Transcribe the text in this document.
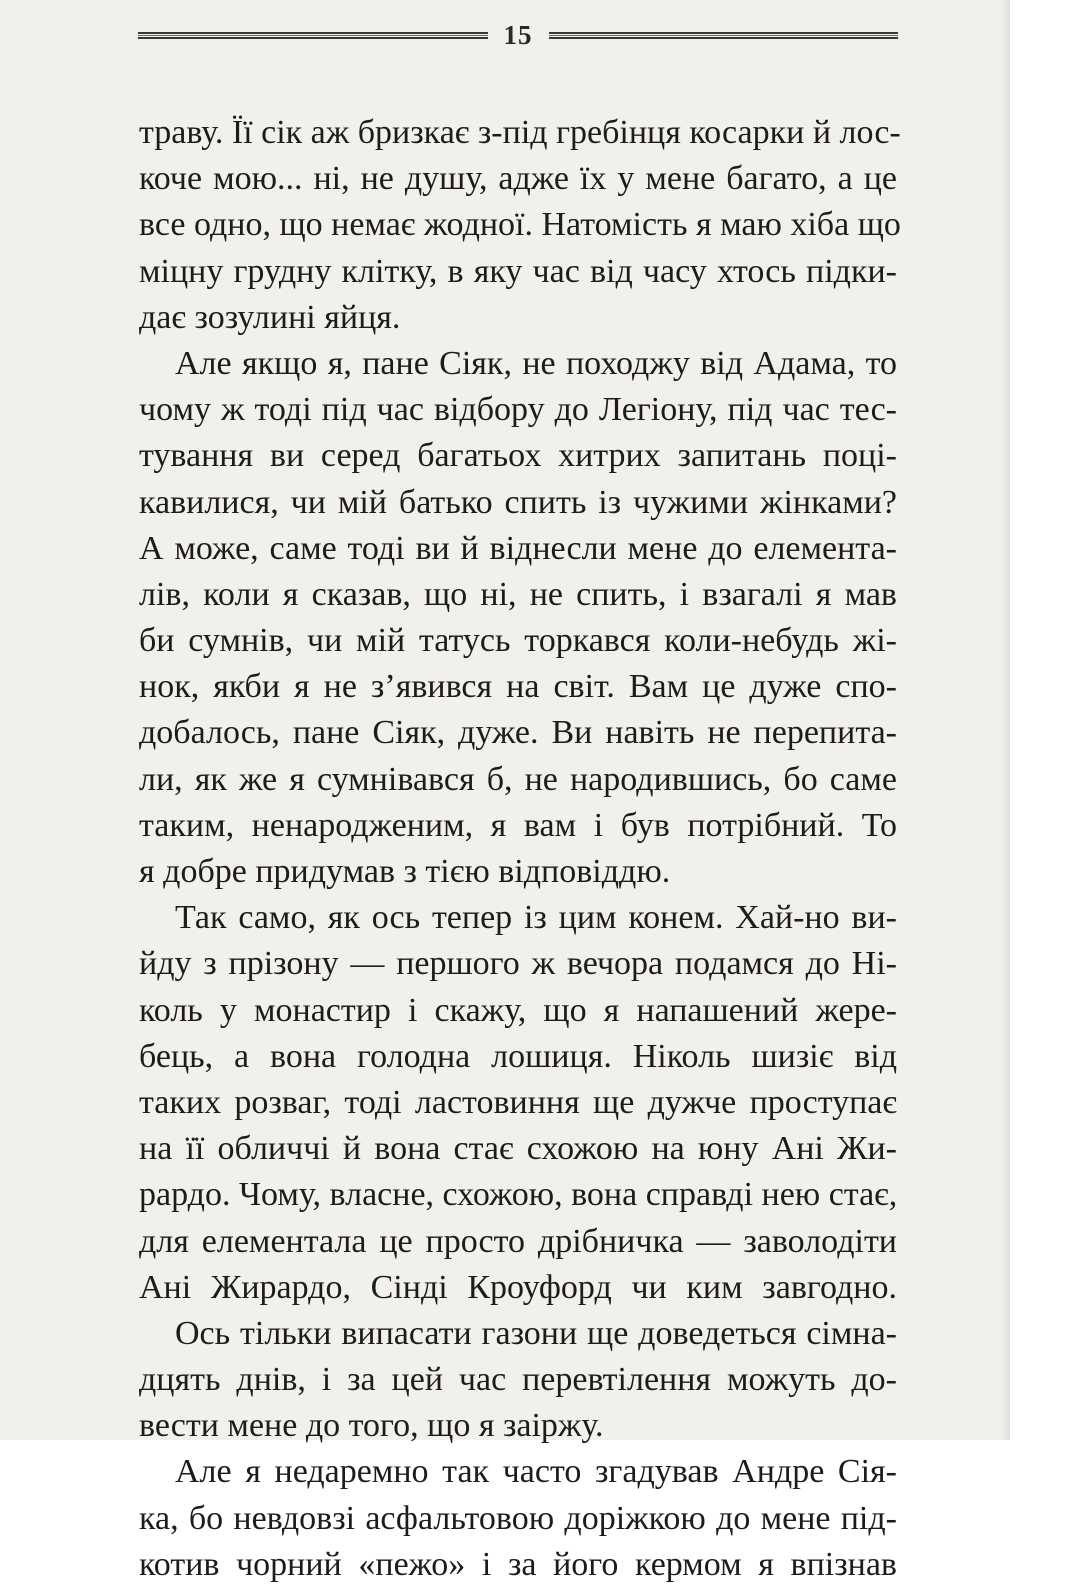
15
траву. Її сік аж бризкає з-під гребінця косарки й лос-
коче мою... ні, не душу, адже їх у мене багато, а це
все одно, що немає жодної. Натомість я маю хіба що
міцну грудну клітку, в яку час від часу хтось підки-
дає зозулині яйця.
Але якщо я, пане Сіяк, не походжу від Адама, то
чому ж тоді під час відбору до Легіону, під час тес-
тування ви серед багатьох хитрих запитань поці-
кавилися, чи мій батько спить із чужими жінками?
А може, саме тоді ви й віднесли мене до елемента-
лів, коли я сказав, що ні, не спить, і взагалі я мав
би сумнів, чи мій татусь торкався коли-небудь жі-
нок, якби я не з’явився на світ. Вам це дуже спо-
добалось, пане Сіяк, дуже. Ви навіть не перепита-
ли, як же я сумнівався б, не народившись, бо саме
таким, ненародженим, я вам і був потрібний. То
я добре придумав з тією відповіддю.
Так само, як ось тепер із цим конем. Хай-но ви-
йду з прізону — першого ж вечора подамся до Ні-
коль у монастир і скажу, що я напашений жере-
бець, а вона голодна лошиця. Ніколь шизіє від
таких розваг, тоді ластовиння ще дужче проступає
на її обличчі й вона стає схожою на юну Ані Жи-
рардо. Чому, власне, схожою, вона справді нею стає,
для елементала це просто дрібничка — заволодіти
Ані Жирардо, Сінді Кроуфорд чи ким завгодно.
Ось тільки випасати газони ще доведеться сімна-
дцять днів, і за цей час перевтілення можуть до-
вести мене до того, що я заіржу.
Але я недаремно так часто згадував Андре Сія-
ка, бо невдовзі асфальтовою доріжкою до мене під-
котив чорний «пежо» і за його кермом я впізнав
